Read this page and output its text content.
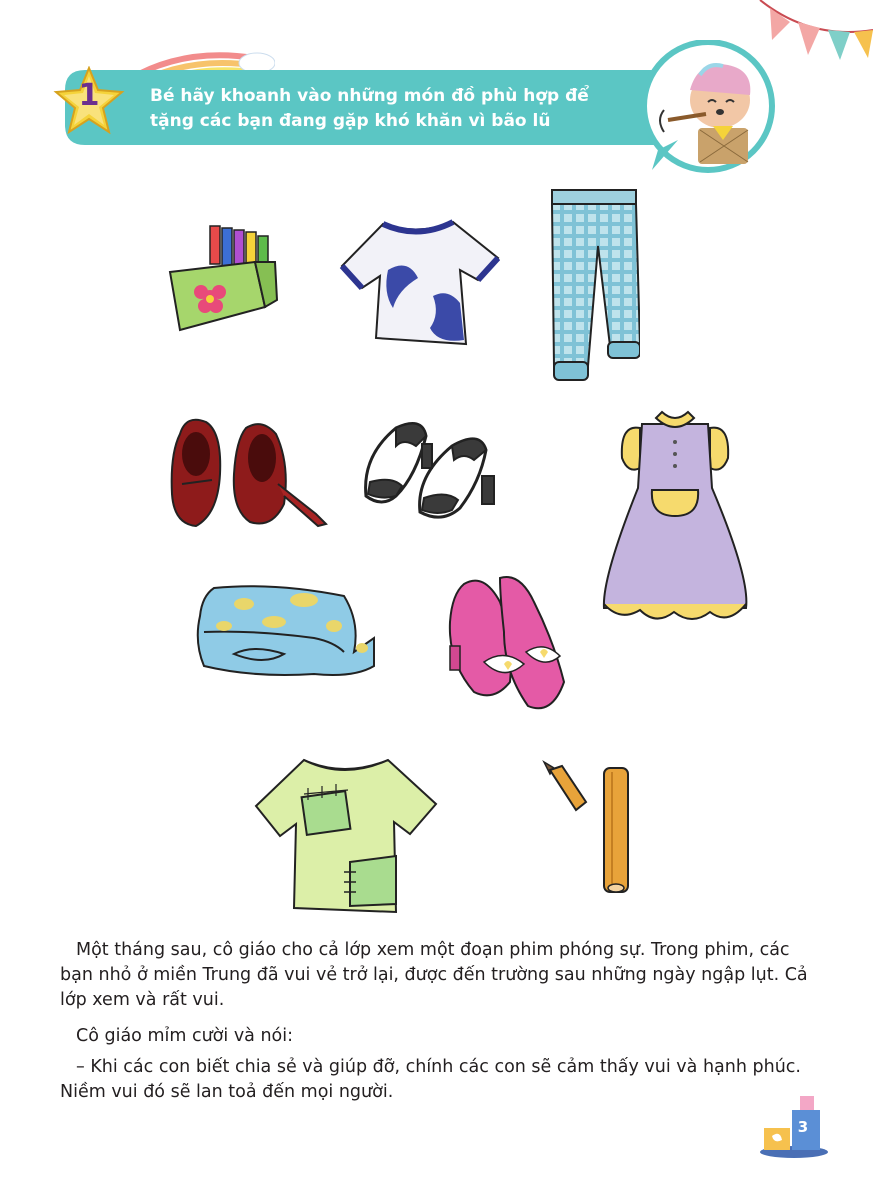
1	Bé hãy khoanh vào những món đồ phù hợp để
tặng các bạn đang gặp khó khăn vì bão lũ
Một tháng sau, cô giáo cho cả lớp xem một đoạn phim phóng sự. Trong phim, các bạn nhỏ ở miền Trung đã vui vẻ trở lại, được đến trường sau những ngày ngập lụt. Cả lớp xem và rất vui.
Cô giáo mỉm cười và nói:
– Khi các con biết chia sẻ và giúp đỡ, chính các con sẽ cảm thấy vui và hạnh phúc. Niềm vui đó sẽ lan toả đến mọi người.
3
